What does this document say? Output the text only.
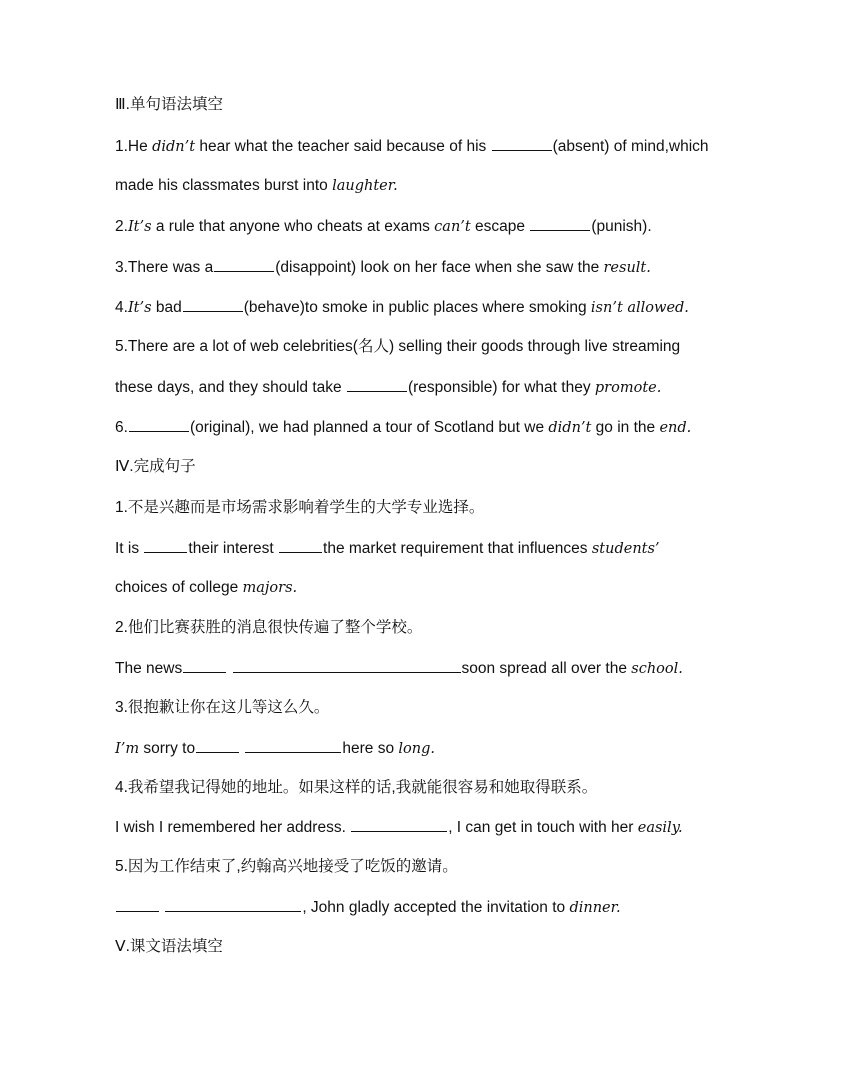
Ⅲ.单句语法填空
1.He didn’t hear what the teacher said because of his	(absent) of mind,which
made his classmates burst into laughter.
2.It’s a rule that anyone who cheats at exams can’t escape	(punish).
3.There was a	(disappoint) look on her face when she saw the result.
4.It’s bad	(behave)to smoke in public places where smoking isn’t allowed.
5.There are a lot of web celebrities(名人) selling their goods through live streaming
these days, and they should take	(responsible) for what they promote.
6.	(original), we had planned a tour of Scotland but we didn’t go in the end.
Ⅳ.完成句子
1.不是兴趣而是市场需求影响着学生的大学专业选择。
It is	their interest	the market requirement that influences students’
choices of college majors.
2.他们比赛获胜的消息很快传遍了整个学校。
The news	soon spread all over the school.
3.很抱歉让你在这儿等这么久。
I’m sorry to	here so long.
4.我希望我记得她的地址。如果这样的话,我就能很容易和她取得联系。
I wish I remembered her address.	, I can get in touch with her easily.
5.因为工作结束了,约翰高兴地接受了吃饭的邀请。
, John gladly accepted the invitation to dinner.
Ⅴ.课文语法填空
